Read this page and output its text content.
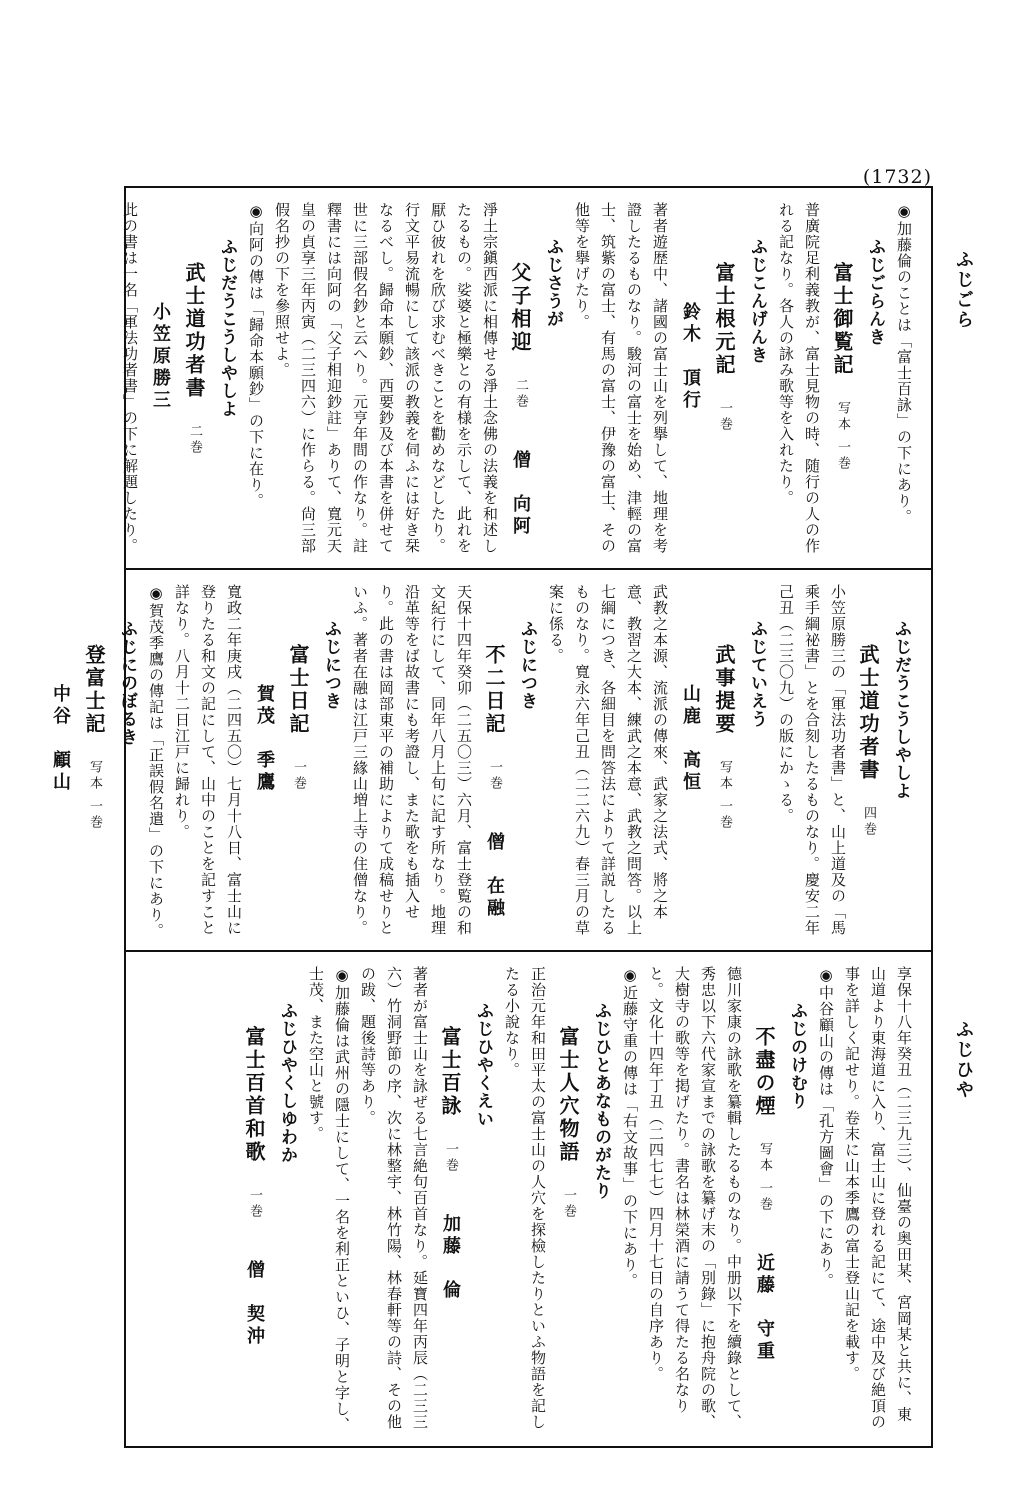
(1732)
ふじごら
ふじひや

◉加藤倫のことは「富士百詠」の下にあり。

ふじごらんき

富士御覧記写本 一巻

普廣院足利義教が、富士見物の時、随行の人の作れる記なり。各人の詠み歌等を入れたり。

ふじこんげんき

富士根元記一巻鈴木　頂行

著者遊歴中、諸國の富士山を列擧して、地理を考證したるものなり。駿河の富士を始め、津輕の富士、筑紫の富士、有馬の富士、伊豫の富士、その他等を擧げたり。

ふじさうが

父子相迎二巻僧　向阿

淨土宗鎭西派に相傳せる淨土念佛の法義を和述したるもの。娑婆と極樂との有様を示して、此れを厭ひ彼れを欣び求むべきことを勸めなどしたり。行文平易流暢にして該派の教義を伺ふには好き栞なるべし。歸命本願鈔、西要鈔及び本書を併せて世に三部假名鈔と云へり。元亨年間の作なり。註釋書には向阿の「父子相迎鈔註」ありて、寬元天皇の貞享三年丙寅（二三四六）に作らる。尙三部假名抄の下を參照せよ。

◉向阿の傳は「歸命本願鈔」の下に在り。

ふじだうこうしやしよ

武士道功者書二巻小笠原勝三

此の書は一名「軍法功者書」の下に解題したり。

ふじだうこうしやしよ

武士道功者書四巻

小笠原勝三の「軍法功者書」と、山上道及の「馬乘手綱祕書」とを合刻したるものなり。慶安二年己丑（二三〇九）の版にかゝる。

ふじていえう

武事提要写本 一巻山鹿　高恒

武教之本源、流派の傳來、武家之法式、將之本意、教習之大本、練武之本意、武教之問答。以上七綱につき、各細目を問答法によりて詳説したるものなり。寬永六年己丑（二二六九）春三月の草案に係る。

ふじにつき

不二日記一巻僧　在融

天保十四年癸卯（二五〇三）六月、富士登覧の和文紀行にして、同年八月上旬に記す所なり。地理沿革等をば故書にも考證し、また歌をも插入せり。此の書は岡部東平の補助によりて成稿せりといふ。著者在融は江戸三緣山増上寺の住僧なり。

ふじにつき

富士日記一巻賀茂　季鷹

寬政二年庚戌（二四五〇）七月十八日、富士山に登りたる和文の記にして、山中のことを記すこと詳なり。八月十二日江戸に歸れり。

◉賀茂季鷹の傳記は「正誤假名遣」の下にあり。

ふじにのぼるき

登富士記写本 一巻中谷　顧山

享保十八年癸丑（二三九三）、仙臺の奥田某、宮岡某と共に、東山道より東海道に入り、富士山に登れる記にて、途中及び絶頂の事を詳しく記せり。卷末に山本季鷹の富士登山記を載す。

◉中谷顧山の傳は「孔方圖會」の下にあり。

ふじのけむり

不盡の煙写本 一巻近藤　守重

德川家康の詠歌を纂輯したるものなり。中册以下を續錄として、秀忠以下六代家宣までの詠歌を纂げ末の「別錄」に抱舟院の歌、大樹寺の歌等を掲げたり。書名は林榮酒に請うて得たる名なりと。文化十四年丁丑（二四七七）四月十七日の自序あり。

◉近藤守重の傳は「右文故事」の下にあり。

ふじひとあなものがたり

富士人穴物語一巻

正治元年和田平太の富士山の人穴を探檢したりといふ物語を記したる小說なり。

ふじひやくえい

富士百詠一巻加藤　倫

著者が富士山を詠ぜる七言絶句百首なり。延寶四年丙辰（二三三六）竹洞野節の序、次に林整宇、林竹陽、林春軒等の詩、その他の跋、題後詩等あり。

◉加藤倫は武州の隱士にして、一名を利正といひ、子明と字し、士茂、また空山と號す。

ふじひやくしゆわか

富士百首和歌一巻僧　契沖
